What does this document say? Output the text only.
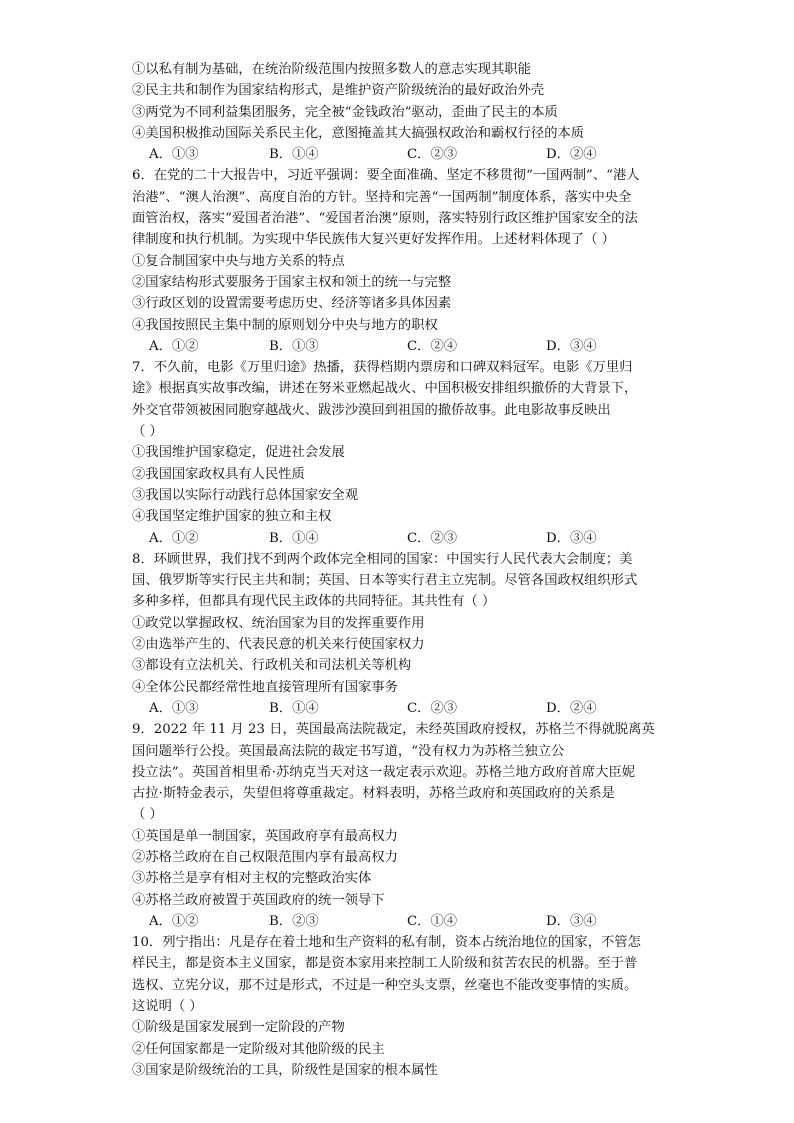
①以私有制为基础，在统治阶级范围内按照多数人的意志实现其职能
②民主共和制作为国家结构形式，是维护资产阶级统治的最好政治外壳
③两党为不同利益集团服务，完全被“金钱政治”驱动，歪曲了民主的本质
④美国积极推动国际关系民主化，意图掩盖其大搞强权政治和霸权行径的本质
A．①③	B．①④	C．②③	D．②④
6．在党的二十大报告中，习近平强调：要全面准确、坚定不移贯彻“一国两制”、“港人
治港”、“澳人治澳”、高度自治的方针。坚持和完善“一国两制”制度体系，落实中央全
面管治权，落实“爱国者治港”、“爱国者治澳”原则，落实特别行政区维护国家安全的法
律制度和执行机制。为实现中华民族伟大复兴更好发挥作用。上述材料体现了（ ）
①复合制国家中央与地方关系的特点
②国家结构形式要服务于国家主权和领土的统一与完整
③行政区划的设置需要考虑历史、经济等诸多具体因素
④我国按照民主集中制的原则划分中央与地方的职权
A．①②	B．①③	C．②④	D．③④
7．不久前，电影《万里归途》热播，获得档期内票房和口碑双料冠军。电影《万里归
途》根据真实故事改编，讲述在努米亚燃起战火、中国积极安排组织撤侨的大背景下，
外交官带领被困同胞穿越战火、跋涉沙漠回到祖国的撤侨故事。此电影故事反映出
（ ）
①我国维护国家稳定，促进社会发展
②我国国家政权具有人民性质
③我国以实际行动践行总体国家安全观
④我国坚定维护国家的独立和主权
A．①②	B．①④	C．②③	D．③④
8．环顾世界，我们找不到两个政体完全相同的国家：中国实行人民代表大会制度；美
国、俄罗斯等实行民主共和制；英国、日本等实行君主立宪制。尽管各国政权组织形式
多种多样，但都具有现代民主政体的共同特征。其共性有（ ）
①政党以掌握政权、统治国家为目的发挥重要作用
②由选举产生的、代表民意的机关来行使国家权力
③都设有立法机关、行政机关和司法机关等机构
④全体公民都经常性地直接管理所有国家事务
A．①③	B．①④	C．②③	D．②④
9．2022 年 11 月 23 日，英国最高法院裁定，未经英国政府授权，苏格兰不得就脱离英
国问题举行公投。英国最高法院的裁定书写道，“没有权力为苏格兰独立公
投立法”。英国首相里希·苏纳克当天对这一裁定表示欢迎。苏格兰地方政府首席大臣妮
古拉·斯特金表示，失望但将尊重裁定。材料表明，苏格兰政府和英国政府的关系是
（ ）
①英国是单一制国家，英国政府享有最高权力
②苏格兰政府在自己权限范围内享有最高权力
③苏格兰是享有相对主权的完整政治实体
④苏格兰政府被置于英国政府的统一领导下
A．①②	B．②③	C．①④	D．③④
10．列宁指出：凡是存在着土地和生产资料的私有制，资本占统治地位的国家，不管怎
样民主，都是资本主义国家，都是资本家用来控制工人阶级和贫苦农民的机器。至于普
选权、立宪分议，那不过是形式，不过是一种空头支票，丝毫也不能改变事情的实质。
这说明（ ）
①阶级是国家发展到一定阶段的产物
②任何国家都是一定阶级对其他阶级的民主
③国家是阶级统治的工具，阶级性是国家的根本属性
